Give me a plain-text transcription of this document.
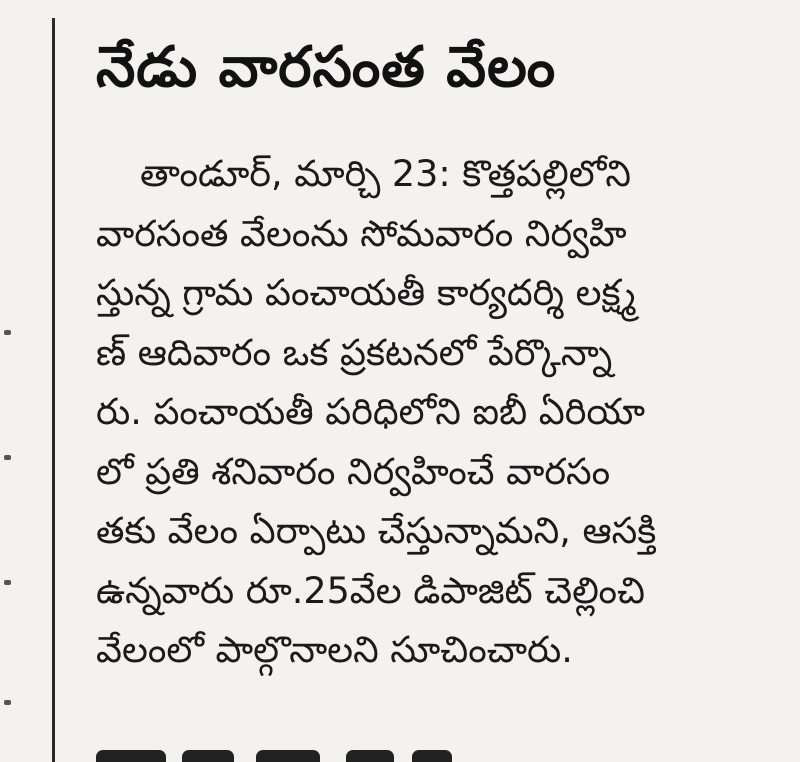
నేడు వారసంత వేలం
తాండూర్, మార్చి 23: కొత్తపల్లిలోని
వారసంత వేలంను సోమవారం నిర్వహి
స్తున్న గ్రామ పంచాయతీ కార్యదర్శి లక్ష్మ
ణ్ ఆదివారం ఒక ప్రకటనలో పేర్కొన్నా
రు. పంచాయతీ పరిధిలోని ఐబీ ఏరియా
లో ప్రతి శనివారం నిర్వహించే వారసం
తకు వేలం ఏర్పాటు చేస్తున్నామని, ఆసక్తి
ఉన్నవారు రూ.25వేల డిపాజిట్ చెల్లించి
వేలంలో పాల్గొనాలని సూచించారు.
